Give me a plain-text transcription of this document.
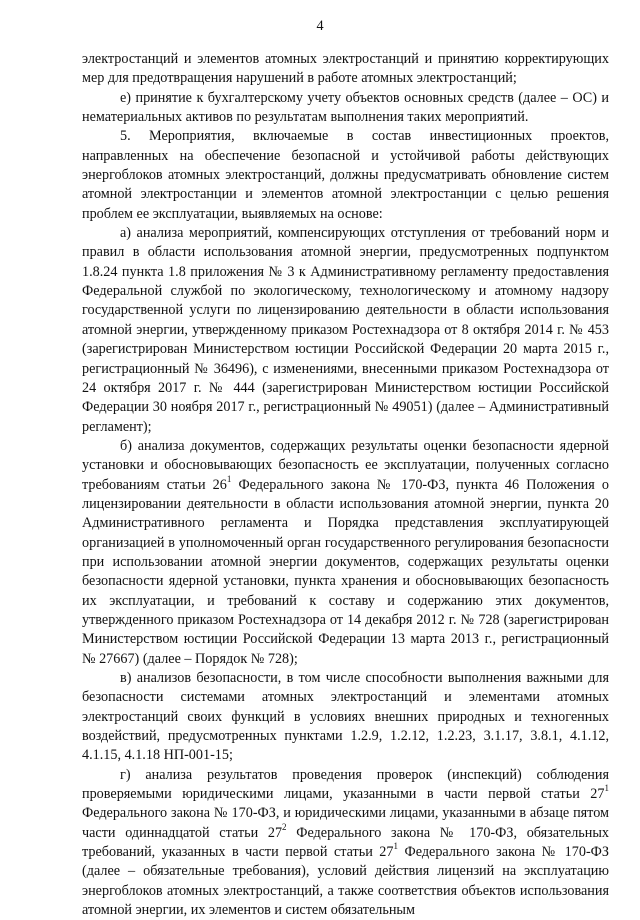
4

электростанций и элементов атомных электростанций и принятию корректирующих мер для предотвращения нарушений в работе атомных электростанций;

е) принятие к бухгалтерскому учету объектов основных средств (далее – ОС) и нематериальных активов по результатам выполнения таких мероприятий.

5. Мероприятия, включаемые в состав инвестиционных проектов, направленных на обеспечение безопасной и устойчивой работы действующих энергоблоков атомных электростанций, должны предусматривать обновление систем атомной электростанции и элементов атомной электростанции с целью решения проблем ее эксплуатации, выявляемых на основе:

а) анализа мероприятий, компенсирующих отступления от требований норм и правил в области использования атомной энергии, предусмотренных подпунктом 1.8.24 пункта 1.8 приложения № 3 к Административному регламенту предоставления Федеральной службой по экологическому, технологическому и атомному надзору государственной услуги по лицензированию деятельности в области использования атомной энергии, утвержденному приказом Ростехнадзора от 8 октября 2014 г. № 453 (зарегистрирован Министерством юстиции Российской Федерации 20 марта 2015 г., регистрационный № 36496), с изменениями, внесенными приказом Ростехнадзора от 24 октября 2017 г. № 444 (зарегистрирован Министерством юстиции Российской Федерации 30 ноября 2017 г., регистрационный № 49051) (далее – Административный регламент);

б) анализа документов, содержащих результаты оценки безопасности ядерной установки и обосновывающих безопасность ее эксплуатации, полученных согласно требованиям статьи $26^1$ Федерального закона № 170-ФЗ, пункта 46 Положения о лицензировании деятельности в области использования атомной энергии, пункта 20 Административного регламента и Порядка представления эксплуатирующей организацией в уполномоченный орган государственного регулирования безопасности при использовании атомной энергии документов, содержащих результаты оценки безопасности ядерной установки, пункта хранения и обосновывающих безопасность их эксплуатации, и требований к составу и содержанию этих документов, утвержденного приказом Ростехнадзора от 14 декабря 2012 г. № 728 (зарегистрирован Министерством юстиции Российской Федерации 13 марта 2013 г., регистрационный № 27667) (далее – Порядок № 728);

в) анализов безопасности, в том числе способности выполнения важными для безопасности системами атомных электростанций и элементами атомных электростанций своих функций в условиях внешних природных и техногенных воздействий, предусмотренных пунктами 1.2.9, 1.2.12, 1.2.23, 3.1.17, 3.8.1, 4.1.12, 4.1.15, 4.1.18 НП-001-15;

г) анализа результатов проведения проверок (инспекций) соблюдения проверяемыми юридическими лицами, указанными в части первой статьи $27^1$ Федерального закона № 170-ФЗ, и юридическими лицами, указанными в абзаце пятом части одиннадцатой статьи $27^2$ Федерального закона № 170-ФЗ, обязательных требований, указанных в части первой статьи $27^1$ Федерального закона № 170-ФЗ (далее – обязательные требования), условий действия лицензий на эксплуатацию энергоблоков атомных электростанций, а также соответствия объектов использования атомной энергии, их элементов и систем обязательным
